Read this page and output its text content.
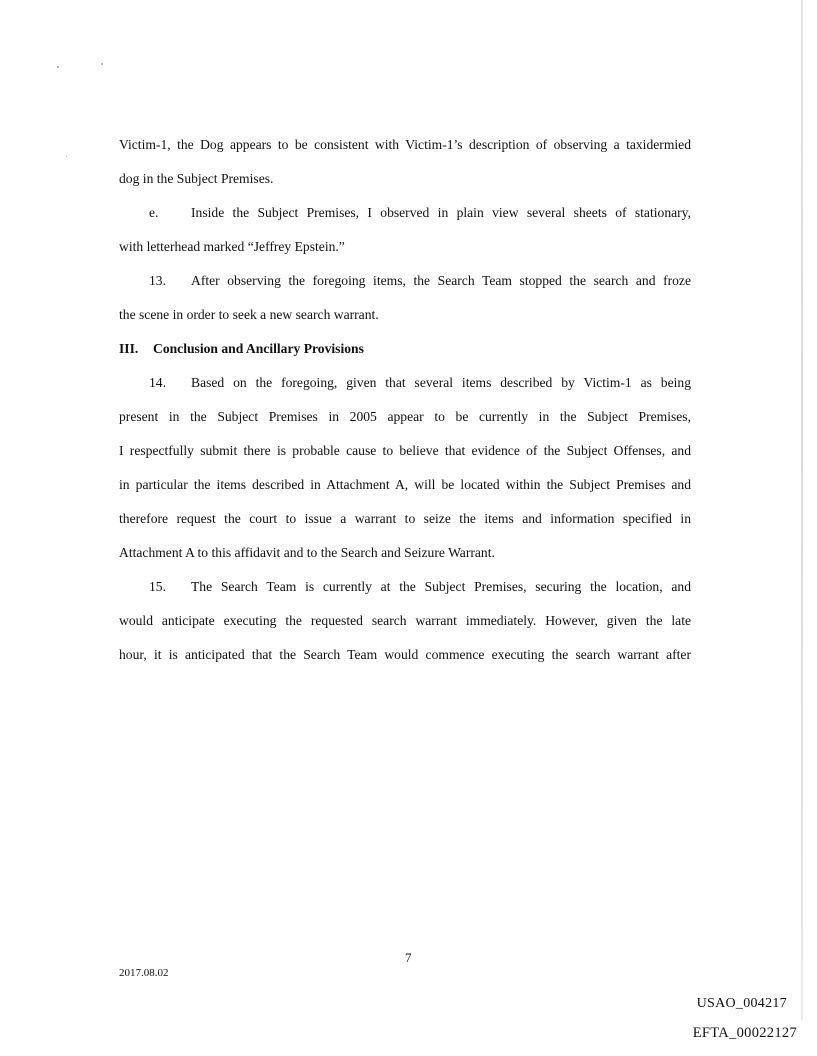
Victim-1, the Dog appears to be consistent with Victim-1’s description of observing a taxidermied
dog in the Subject Premises.
e. Inside the Subject Premises, I observed in plain view several sheets of stationary,
with letterhead marked “Jeffrey Epstein.”
13. After observing the foregoing items, the Search Team stopped the search and froze
the scene in order to seek a new search warrant.
III. Conclusion and Ancillary Provisions
14. Based on the foregoing, given that several items described by Victim-1 as being
present in the Subject Premises in 2005 appear to be currently in the Subject Premises,
I respectfully submit there is probable cause to believe that evidence of the Subject Offenses, and
in particular the items described in Attachment A, will be located within the Subject Premises and
therefore request the court to issue a warrant to seize the items and information specified in
Attachment A to this affidavit and to the Search and Seizure Warrant.
15. The Search Team is currently at the Subject Premises, securing the location, and
would anticipate executing the requested search warrant immediately. However, given the late
hour, it is anticipated that the Search Team would commence executing the search warrant after
7
2017.08.02
USAO_004217
EFTA_00022127
